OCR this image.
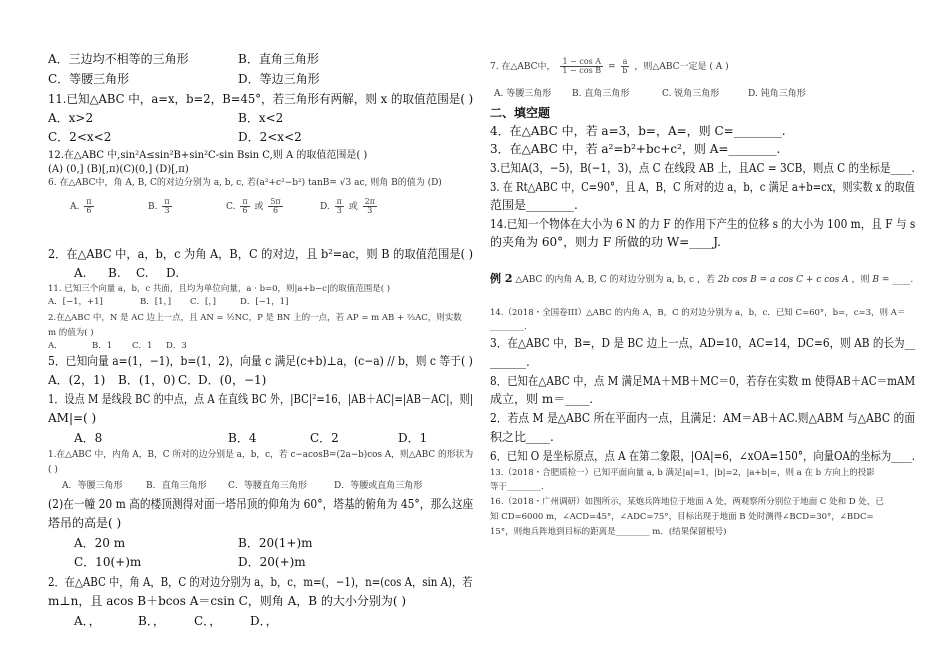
A．三边均不相等的三角形	B．直角三角形
C．等腰三角形	D．等边三角形
11.已知△ABC 中，a=x，b=2，B=45°，若三角形有两解，则 x 的取值范围是( )
A．x>2	B．x<2
C．2<x<2	D．2<x<2
12.在△ABC 中,sin²A≤sin²B+sin²C-sin Bsin C,则 A 的取值范围是( )
(A) (0,] (B)[,π)(C)(0,] (D)[,π)
6. 在△ABC中，角 A, B, C的对边分别为 a, b, c, 若(a²+c²−b²) tanB= √3 ac, 则角 B的值为 (D)
A. $\frac{\pi}{6}$	B. $\frac{\pi}{3}$	C. $\frac{\pi}{6}$ 或 $\frac{5\pi}{6}$	D. $\frac{\pi}{3}$ 或 $\frac{2\pi}{3}$
2．在△ABC 中，a，b，c 为角 A，B，C 的对边，且 b²=ac，则 B 的取值范围是( )
A. B. C. D.
11. 已知三个向量 a，b，c 共面，且均为单位向量，a · b=0，则|a+b−c|的取值范围是( )
A．[−1，+1]	B．[1，] C．[，]	D．[−1，1]
2.在△ABC 中，N 是 AC 边上一点，且 AN = ½NC，P 是 BN 上的一点，若 AP = m AB + ⅔AC，则实数
m 的值为( )
A．	B．1 C．1 D．3
5．已知向量 a=(1，−1)，b=(1，2)，向量 c 满足(c+b)⊥a，(c−a) // b，则 c 等于( )
A．(2，1) B．(1，0) C．
D．(0，−1)
1．设点 M 是线段 BC 的中点，点 A 在直线 BC 外，|BC|²=16，|AB＋AC|=|AB－AC|，则|
AM|=( )
A．8	B．4	C．2	D．1
1.在△ABC 中，内角 A，B，C 所对的边分别是 a，b，c，若 c−acosB=(2a−b)cos A，则△ABC 的形状为
( )
A．等腰三角形	B．直角三角形 C．等腰直角三角形	D．等腰或直角三角形
(2)在一幢 20 m 高的楼顶测得对面一塔吊顶的仰角为 60°，塔基的俯角为 45°，那么这座
塔吊的高是( )
A．20 m	B．20(1+)m
C．10(+)m	D．20(+)m
2．在△ABC 中，角 A，B，C 的对边分别为 a，b，c，m=(，−1)，n=(cos A，sin A)，若
m⊥n，且 acos B＋bcos A＝csin C，则角 A，B 的大小分别为( )
A．，	B．， C．， D．，
7. 在△ABC中， $\frac{\text{1 − cos A}}{\text{1 − cos B}} = \frac{a}{b}$ ，则△ABC一定是 ( A )
A. 等腰三角形 B. 直角三角形	C. 锐角三角形	D. 钝角三角形
二、填空题
4．在△ABC 中，若 a=3，b=，A=，则 C=________.
3．在△ABC 中，若 a²=b²+bc+c²，则 A=________.
3.已知A(3，−5)，B(−1，3)，点 C 在线段 AB 上，且AC = 3CB，则点 C 的坐标是____.
3. 在 Rt△ABC 中，C=90°，且 A，B，C 所对的边 a，b，c 满足 a+b=cx，则实数 x 的取值
范围是________.
14.已知一个物体在大小为 6 N 的力 F 的作用下产生的位移 s 的大小为 100 m，且 F 与 s
的夹角为 60°，则力 F 所做的功 W=____J.
例 2 △ABC 的内角 A, B, C 的对边分别为 a, b, c ，若 2b cos B = a cos C + c cos A ，则 B = ____.
14.（2018・全国卷III）△ABC 的内角 A，B，C 的对边分别为 a，b，c．已知 C=60°，b=，c=3，则 A＝
________.
3．在△ABC 中，B=，D 是 BC 边上一点，AD=10，AC=14，DC=6，则 AB 的长为__
______.
8．已知在△ABC 中，点 M 满足MA＋MB＋MC＝0，若存在实数 m 使得AB＋AC＝mAM
成立，则 m＝____.
2．若点 M 是△ABC 所在平面内一点，且满足：AM＝AB＋AC.则△ABM 与△ABC 的面
积之比____.
6．已知 O 是坐标原点，点 A 在第二象限，|OA|=6，∠xOA=150°，向量OA的坐标为____.
13.（2018・合肥质检一）已知平面向量 a, b 满足|a|=1，|b|=2，|a+b|=，则 a 在 b 方向上的投影
等于________.
16.（2018・广州调研）如图所示，某炮兵阵地位于地面 A 处，两观察所分别位于地面 C 处和 D 处，已
知 CD=6000 m，∠ACD=45°，∠ADC=75°，目标出现于地面 B 处时测得∠BCD=30°，∠BDC=
15°，则炮兵阵地到目标的距离是________ m．(结果保留根号)
